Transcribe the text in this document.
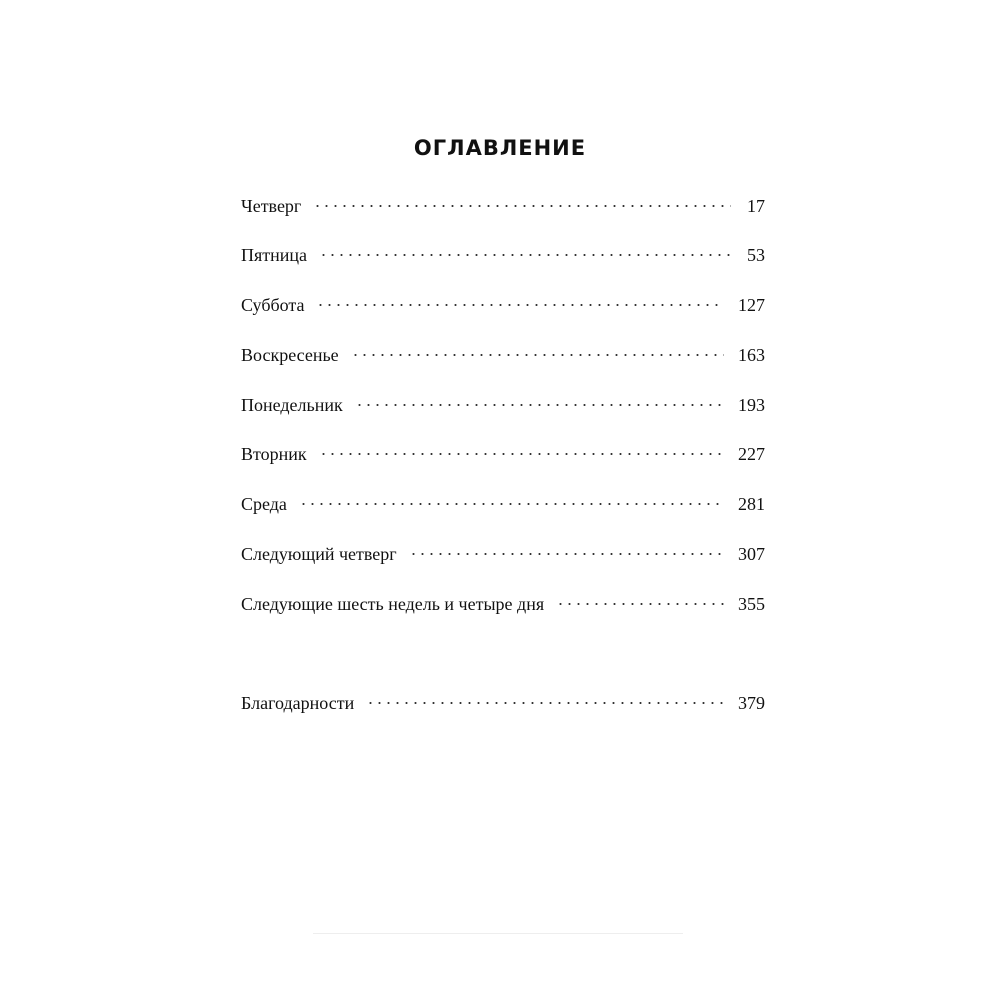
ОГЛАВЛЕНИЕ
Четверг	17
Пятница	53
Суббота	127
Воскресенье	163
Понедельник	193
Вторник	227
Среда	281
Следующий четверг	307
Следующие шесть недель и четыре дня	355
Благодарности	379
